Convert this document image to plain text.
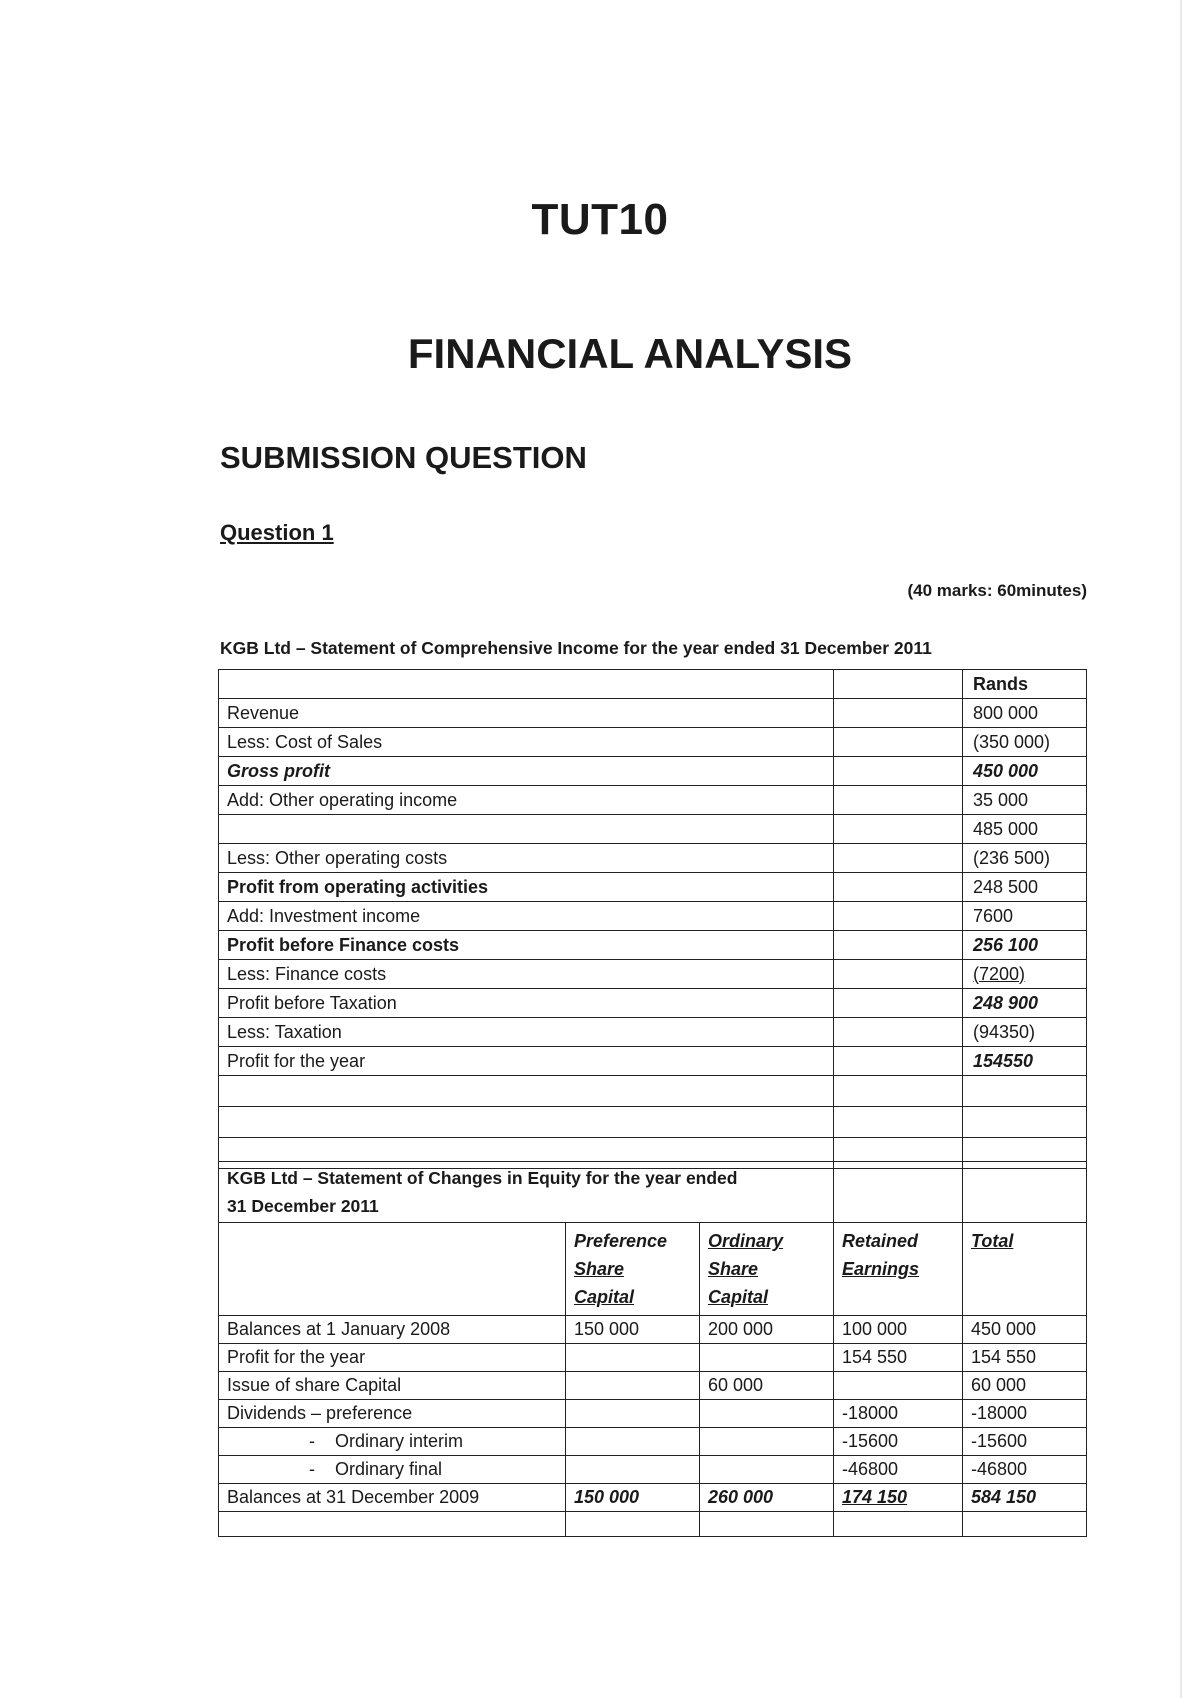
TUT10
FINANCIAL ANALYSIS
SUBMISSION QUESTION
Question 1
(40 marks: 60minutes)
KGB Ltd – Statement of Comprehensive Income for the year ended 31 December 2011
		Rands
Revenue		800 000
Less: Cost of Sales		(350 000)
Gross profit		450 000
Add: Other operating income		35 000
		485 000
Less: Other operating costs		(236 500)
Profit from operating activities		248 500
Add: Investment income		7600
Profit before Finance costs		256 100
Less: Finance costs		(7200)
Profit before Taxation		248 900
Less: Taxation		(94350)
Profit for the year		154550

KGB Ltd – Statement of Changes in Equity for the year ended
31 December 2011				

	Preference
Share
Capital	Ordinary
Share
Capital	Retained
Earnings	Total

Balances at 1 January 2008	150 000	200 000	100 000	450 000
Profit for the year			154 550	154 550
Issue of share Capital		60 000		60 000
Dividends – preference			-18000	-18000
- Ordinary interim			-15600	-15600
- Ordinary final			-46800	-46800
Balances at 31 December 2009	150 000	260 000	174 150	584 150
